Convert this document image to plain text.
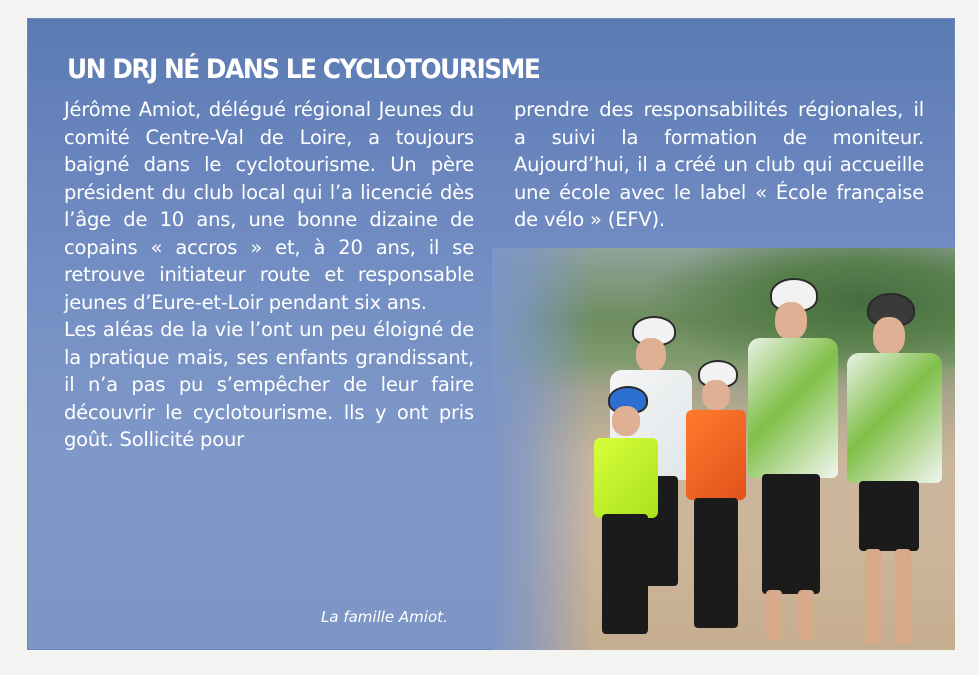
UN DRJ NÉ DANS LE CYCLOTOURISME

Jérôme Amiot, délégué régional Jeunes du comité Centre-Val de Loire, a toujours baigné dans le cyclotourisme. Un père président du club local qui l’a licencié dès l’âge de 10 ans, une bonne dizaine de copains « accros » et, à 20 ans, il se retrouve initiateur route et responsable jeunes d’Eure-et-Loir pendant six ans.

Les aléas de la vie l’ont un peu éloigné de la pratique mais, ses enfants grandissant, il n’a pas pu s’empêcher de leur faire découvrir le cyclotourisme. Ils y ont pris goût. Sollicité pour

prendre des responsabilités régionales, il a suivi la formation de moniteur. Aujourd’hui, il a créé un club qui accueille une école avec le label « École française de vélo » (EFV).

La famille Amiot.
